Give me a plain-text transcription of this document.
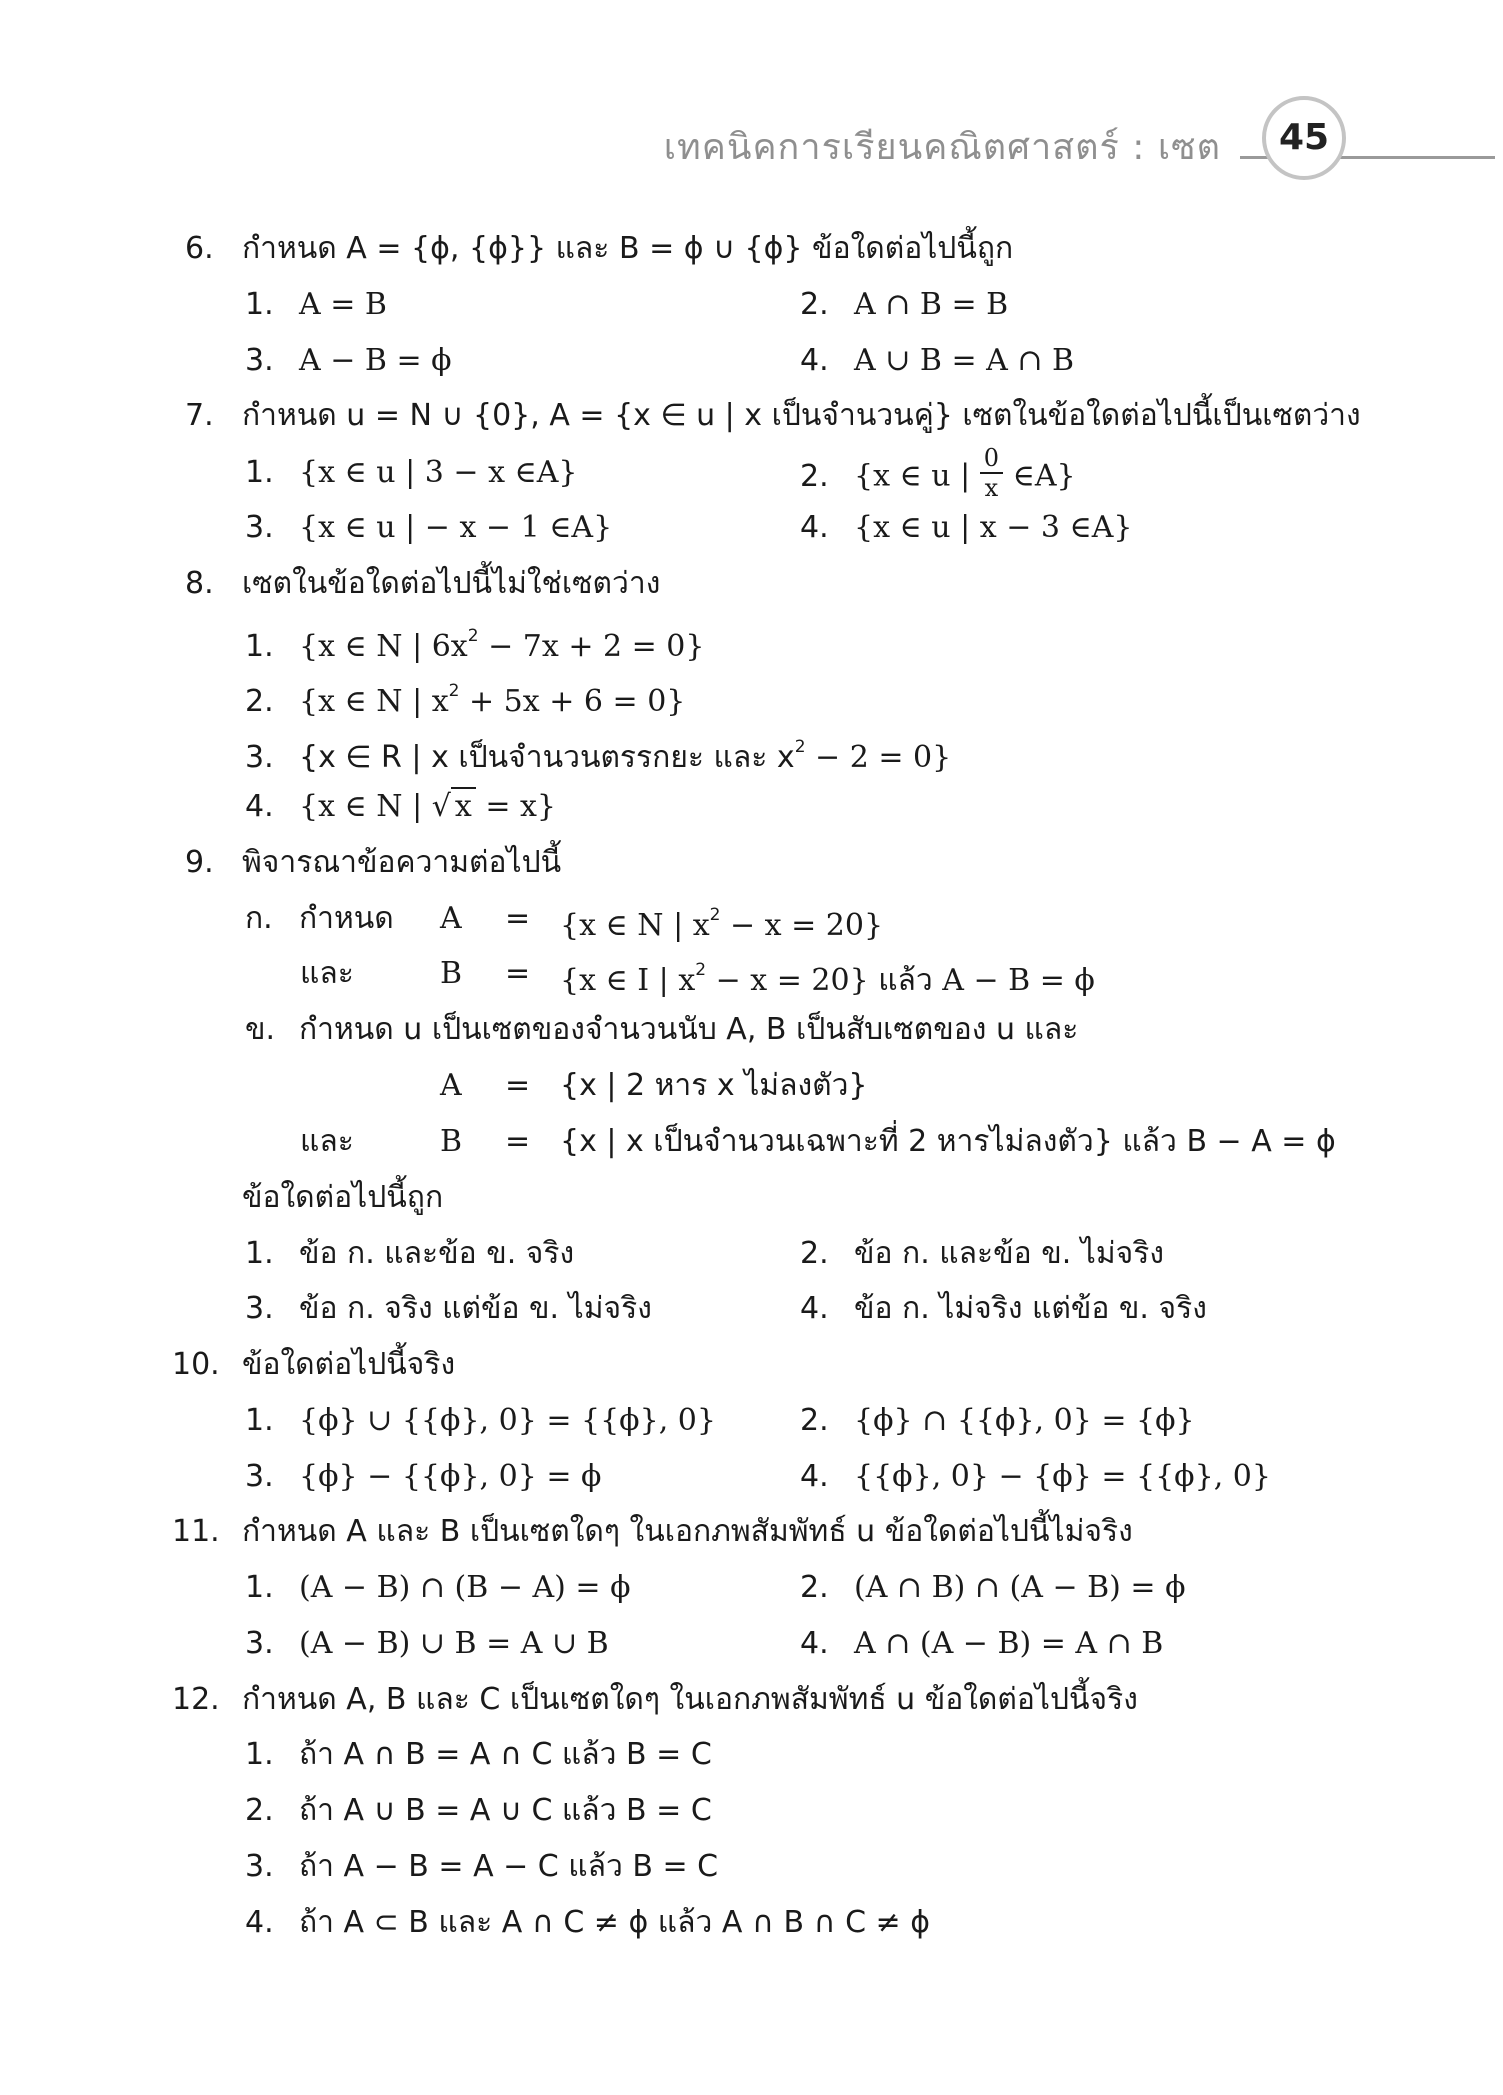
เทคนิคการเรียนคณิตศาสตร์ : เซต	45
6. กำหนด A = {ϕ, {ϕ}} และ B = ϕ ∪ {ϕ} ข้อใดต่อไปนี้ถูก
1. A = B	2. A ∩ B = B
3. A − B = ϕ	4. A ∪ B = A ∩ B
7. กำหนด u = N ∪ {0}, A = {x ∈ u | x เป็นจำนวนคู่} เซตในข้อใดต่อไปนี้เป็นเซตว่าง
1. {x ∈ u | 3 − x ∈A}	2. {x ∈ u | $\frac{0}{x}$ ∈A}
3. {x ∈ u | − x − 1 ∈A}	4. {x ∈ u | x − 3 ∈A}
8. เซตในข้อใดต่อไปนี้ไม่ใช่เซตว่าง
1. {x ∈ N | $6x^2 - 7x + 2 = 0$}
2. {x ∈ N | $x^2 + 5x + 6 = 0$}
3. {x ∈ R | x เป็นจำนวนตรรกยะ และ $x^2 - 2 = 0$}
4. {x ∈ N | √ x = x}
9. พิจารณาข้อความต่อไปนี้
ก. กำหนด A = {x ∈ N | $x^2 - x = 20$}
และ	B = {x ∈ I | $x^2 - x = 20$} แล้ว A − B = ϕ
ข. กำหนด u เป็นเซตของจำนวนนับ A, B เป็นสับเซตของ u และ
A = {x | 2 หาร x ไม่ลงตัว}
และ	B = {x | x เป็นจำนวนเฉพาะที่ 2 หารไม่ลงตัว} แล้ว B − A = ϕ
ข้อใดต่อไปนี้ถูก
1. ข้อ ก. และข้อ ข. จริง	2. ข้อ ก. และข้อ ข. ไม่จริง
3. ข้อ ก. จริง แต่ข้อ ข. ไม่จริง	4. ข้อ ก. ไม่จริง แต่ข้อ ข. จริง
10. ข้อใดต่อไปนี้จริง
1. {ϕ} ∪ {{ϕ}, 0} = {{ϕ}, 0}	2. {ϕ} ∩ {{ϕ}, 0} = {ϕ}
3. {ϕ} − {{ϕ}, 0} = ϕ	4. {{ϕ}, 0} − {ϕ} = {{ϕ}, 0}
11. กำหนด A และ B เป็นเซตใดๆ ในเอกภพสัมพัทธ์ u ข้อใดต่อไปนี้ไม่จริง
1. (A − B) ∩ (B − A) = ϕ	2. (A ∩ B) ∩ (A − B) = ϕ
3. (A − B) ∪ B = A ∪ B	4. A ∩ (A − B) = A ∩ B
12. กำหนด A, B และ C เป็นเซตใดๆ ในเอกภพสัมพัทธ์ u ข้อใดต่อไปนี้จริง
1. ถ้า A ∩ B = A ∩ C แล้ว B = C
2. ถ้า A ∪ B = A ∪ C แล้ว B = C
3. ถ้า A − B = A − C แล้ว B = C
4. ถ้า A ⊂ B และ A ∩ C ≠ ϕ แล้ว A ∩ B ∩ C ≠ ϕ
